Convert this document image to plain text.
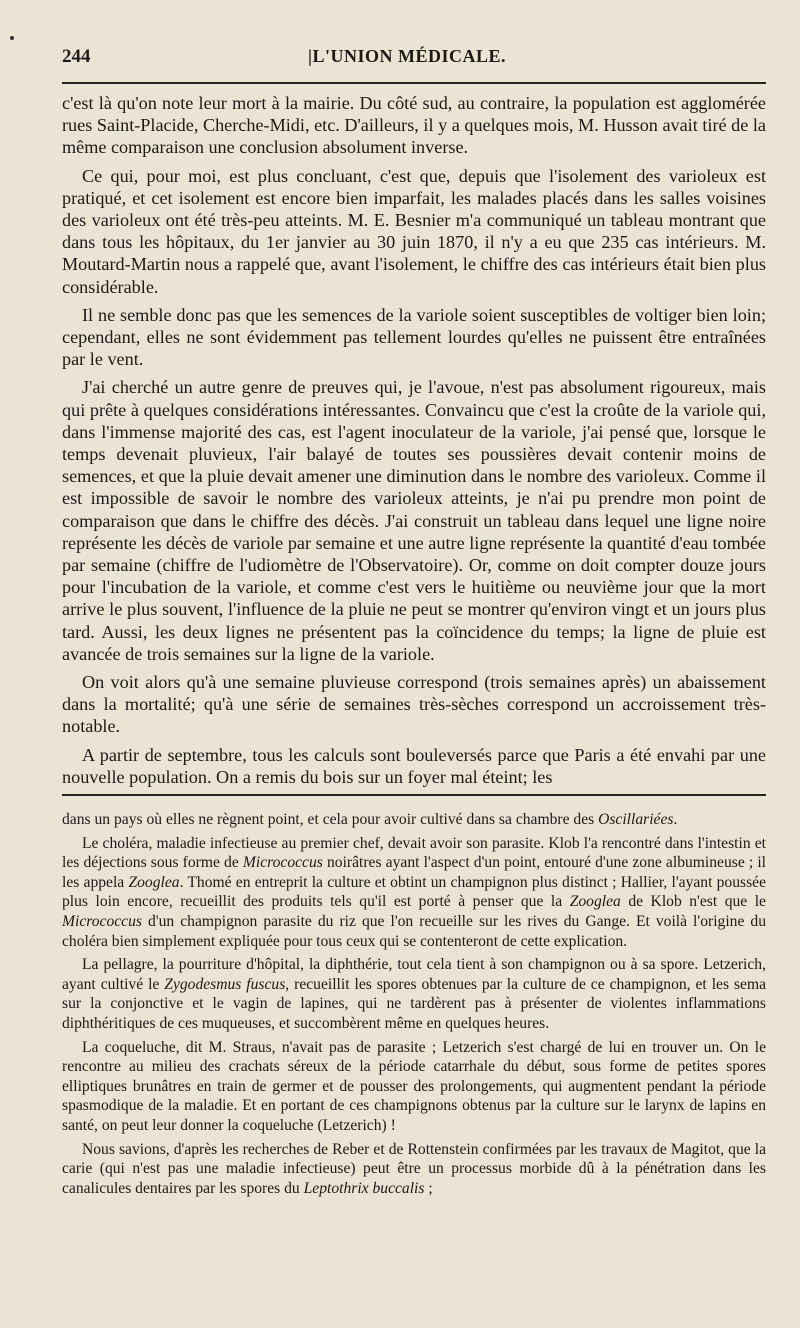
244	|L'UNION MÉDICALE.

c'est là qu'on note leur mort à la mairie. Du côté sud, au contraire, la population est agglomérée rues Saint-Placide, Cherche-Midi, etc. D'ailleurs, il y a quelques mois, M. Husson avait tiré de la même comparaison une conclusion absolument inverse.

Ce qui, pour moi, est plus concluant, c'est que, depuis que l'isolement des varioleux est pratiqué, et cet isolement est encore bien imparfait, les malades placés dans les salles voisines des varioleux ont été très-peu atteints. M. E. Besnier m'a communiqué un tableau montrant que dans tous les hôpitaux, du 1er janvier au 30 juin 1870, il n'y a eu que 235 cas intérieurs. M. Moutard-Martin nous a rappelé que, avant l'isolement, le chiffre des cas intérieurs était bien plus considérable.

Il ne semble donc pas que les semences de la variole soient susceptibles de voltiger bien loin; cependant, elles ne sont évidemment pas tellement lourdes qu'elles ne puissent être entraînées par le vent.

J'ai cherché un autre genre de preuves qui, je l'avoue, n'est pas absolument rigoureux, mais qui prête à quelques considérations intéressantes. Convaincu que c'est la croûte de la variole qui, dans l'immense majorité des cas, est l'agent inoculateur de la variole, j'ai pensé que, lorsque le temps devenait pluvieux, l'air balayé de toutes ses poussières devait contenir moins de semences, et que la pluie devait amener une diminution dans le nombre des varioleux. Comme il est impossible de savoir le nombre des varioleux atteints, je n'ai pu prendre mon point de comparaison que dans le chiffre des décès. J'ai construit un tableau dans lequel une ligne noire représente les décès de variole par semaine et une autre ligne représente la quantité d'eau tombée par semaine (chiffre de l'udiomètre de l'Observatoire). Or, comme on doit compter douze jours pour l'incubation de la variole, et comme c'est vers le huitième ou neuvième jour que la mort arrive le plus souvent, l'influence de la pluie ne peut se montrer qu'environ vingt et un jours plus tard. Aussi, les deux lignes ne présentent pas la coïncidence du temps; la ligne de pluie est avancée de trois semaines sur la ligne de la variole.

On voit alors qu'à une semaine pluvieuse correspond (trois semaines après) un abaissement dans la mortalité; qu'à une série de semaines très-sèches correspond un accroissement très-notable.

A partir de septembre, tous les calculs sont bouleversés parce que Paris a été envahi par une nouvelle population. On a remis du bois sur un foyer mal éteint; les

dans un pays où elles ne règnent point, et cela pour avoir cultivé dans sa chambre des Oscillariées.

Le choléra, maladie infectieuse au premier chef, devait avoir son parasite. Klob l'a rencontré dans l'intestin et les déjections sous forme de Micrococcus noirâtres ayant l'aspect d'un point, entouré d'une zone albumineuse ; il les appela Zooglea. Thomé en entreprit la culture et obtint un champignon plus distinct ; Hallier, l'ayant poussée plus loin encore, recueillit des produits tels qu'il est porté à penser que la Zooglea de Klob n'est que le Micrococcus d'un champignon parasite du riz que l'on recueille sur les rives du Gange. Et voilà l'origine du choléra bien simplement expliquée pour tous ceux qui se contenteront de cette explication.

La pellagre, la pourriture d'hôpital, la diphthérie, tout cela tient à son champignon ou à sa spore. Letzerich, ayant cultivé le Zygodesmus fuscus, recueillit les spores obtenues par la culture de ce champignon, et les sema sur la conjonctive et le vagin de lapines, qui ne tardèrent pas à présenter de violentes inflammations diphthéritiques de ces muqueuses, et succombèrent même en quelques heures.

La coqueluche, dit M. Straus, n'avait pas de parasite ; Letzerich s'est chargé de lui en trouver un. On le rencontre au milieu des crachats séreux de la période catarrhale du début, sous forme de petites spores elliptiques brunâtres en train de germer et de pousser des prolongements, qui augmentent pendant la période spasmodique de la maladie. Et en portant de ces champignons obtenus par la culture sur le larynx de lapins en santé, on peut leur donner la coqueluche (Letzerich) !

Nous savions, d'après les recherches de Reber et de Rottenstein confirmées par les travaux de Magitot, que la carie (qui n'est pas une maladie infectieuse) peut être un processus morbide dû à la pénétration dans les canalicules dentaires par les spores du Leptothrix buccalis ;
